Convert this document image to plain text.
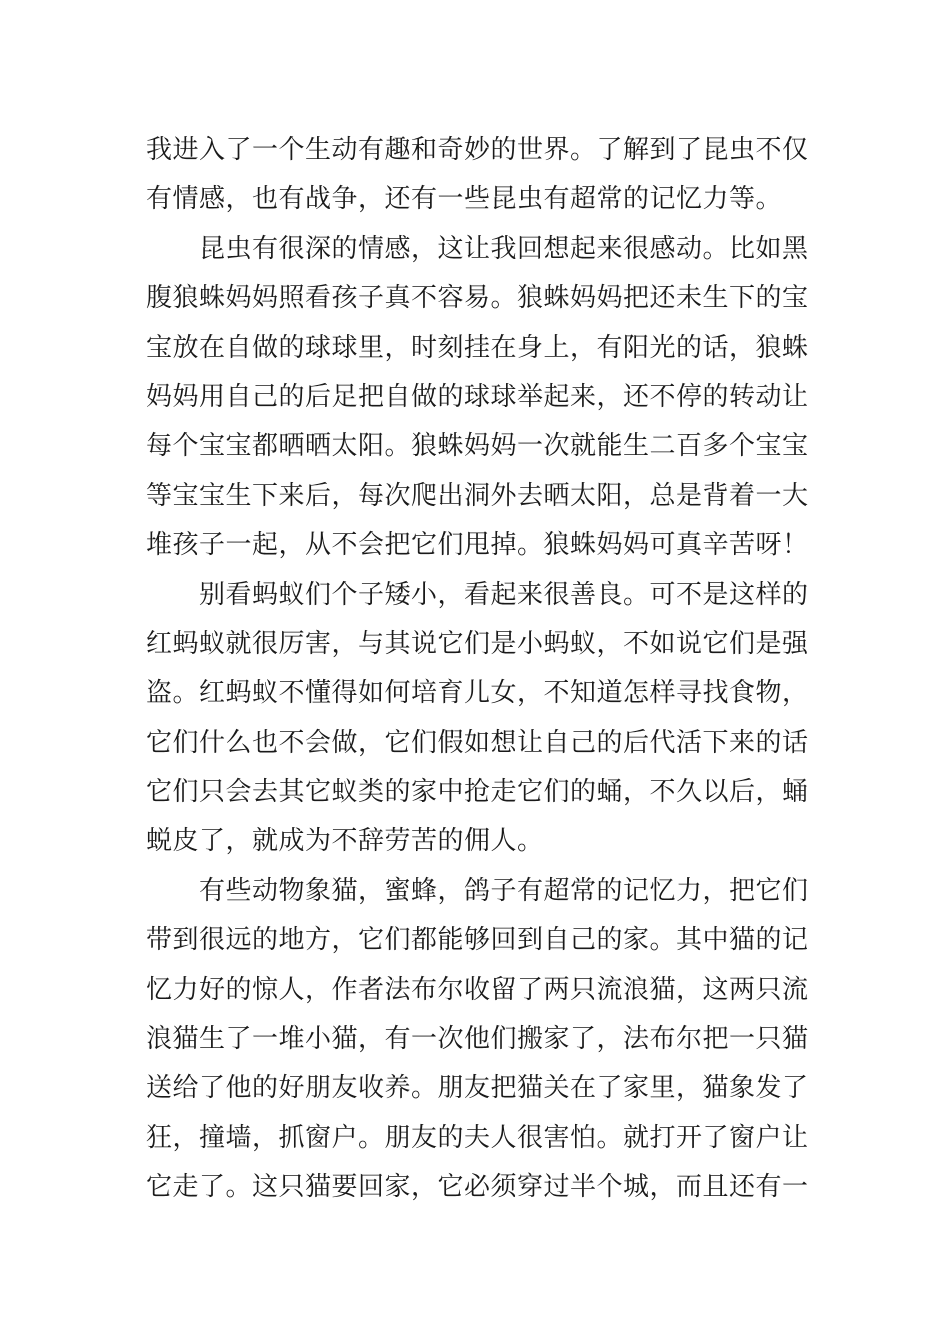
我进入了一个生动有趣和奇妙的世界。了解到了昆虫不仅
有情感，也有战争，还有一些昆虫有超常的记忆力等。
昆虫有很深的情感，这让我回想起来很感动。比如黑
腹狼蛛妈妈照看孩子真不容易。狼蛛妈妈把还未生下的宝
宝放在自做的球球里，时刻挂在身上，有阳光的话，狼蛛
妈妈用自己的后足把自做的球球举起来，还不停的转动让
每个宝宝都晒晒太阳。狼蛛妈妈一次就能生二百多个宝宝
等宝宝生下来后，每次爬出洞外去晒太阳，总是背着一大
堆孩子一起，从不会把它们甩掉。狼蛛妈妈可真辛苦呀！
别看蚂蚁们个子矮小，看起来很善良。可不是这样的
红蚂蚁就很厉害，与其说它们是小蚂蚁，不如说它们是强
盗。红蚂蚁不懂得如何培育儿女，不知道怎样寻找食物，
它们什么也不会做，它们假如想让自己的后代活下来的话
它们只会去其它蚁类的家中抢走它们的蛹，不久以后，蛹
蜕皮了，就成为不辞劳苦的佣人。
有些动物象猫，蜜蜂，鸽子有超常的记忆力，把它们
带到很远的地方，它们都能够回到自己的家。其中猫的记
忆力好的惊人，作者法布尔收留了两只流浪猫，这两只流
浪猫生了一堆小猫，有一次他们搬家了，法布尔把一只猫
送给了他的好朋友收养。朋友把猫关在了家里，猫象发了
狂，撞墙，抓窗户。朋友的夫人很害怕。就打开了窗户让
它走了。这只猫要回家，它必须穿过半个城，而且还有一
